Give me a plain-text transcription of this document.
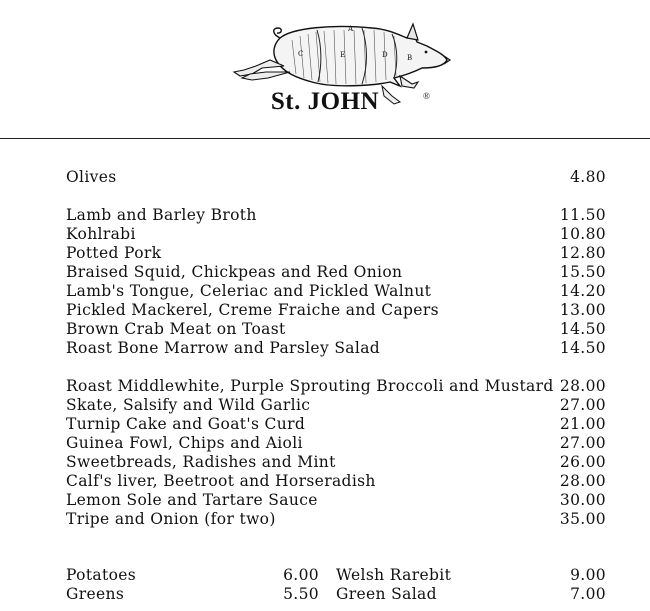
A
B
C	D
E
St. JOHN	®
Olives	4.80
Lamb and Barley Broth	11.50
Kohlrabi	10.80
Potted Pork	12.80
Braised Squid, Chickpeas and Red Onion	15.50
Lamb's Tongue, Celeriac and Pickled Walnut	14.20
Pickled Mackerel, Creme Fraiche and Capers	13.00
Brown Crab Meat on Toast	14.50
Roast Bone Marrow and Parsley Salad	14.50
Roast Middlewhite, Purple Sprouting Broccoli and Mustard 28.00
Skate, Salsify and Wild Garlic	27.00
Turnip Cake and Goat's Curd	21.00
Guinea Fowl, Chips and Aioli	27.00
Sweetbreads, Radishes and Mint	26.00
Calf's liver, Beetroot and Horseradish	28.00
Lemon Sole and Tartare Sauce	30.00
Tripe and Onion (for two)	35.00
Potatoes	6.00
Greens	5.50
Welsh Rarebit	9.00
Green Salad	7.00
